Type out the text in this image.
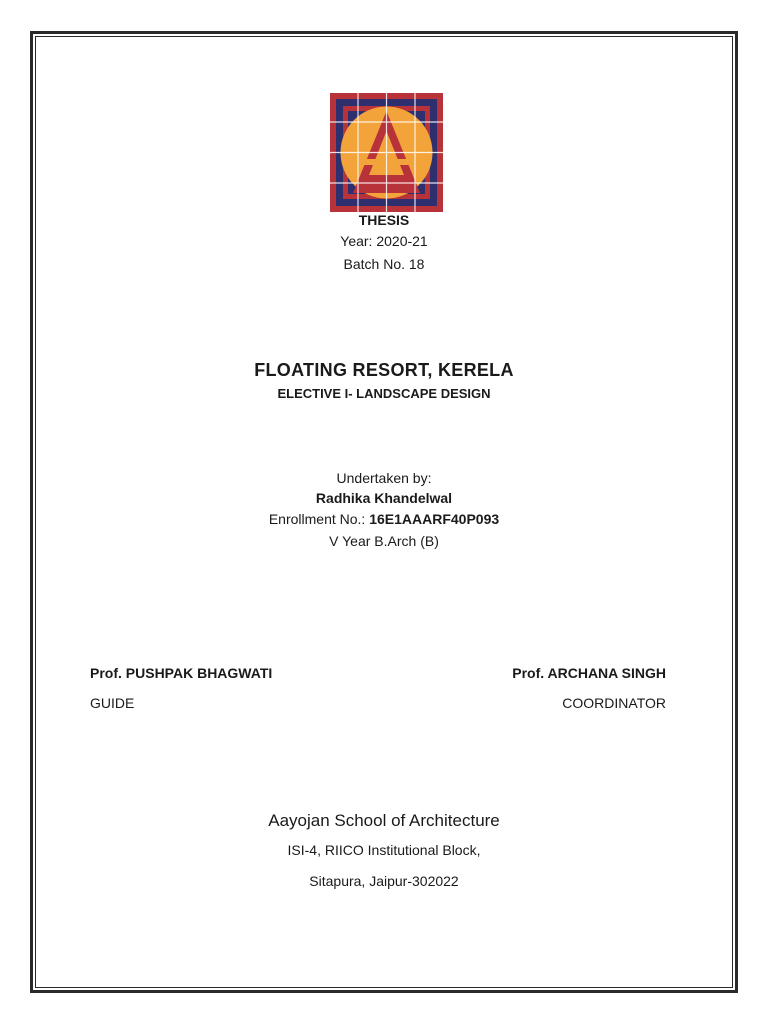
THESIS
Year: 2020-21
Batch No. 18
FLOATING RESORT, KERELA
ELECTIVE I- LANDSCAPE DESIGN
Undertaken by:
Radhika Khandelwal
Enrollment No.: 16E1AAARF40P093
V Year B.Arch (B)
Prof. PUSHPAK BHAGWATI
GUIDE
Prof. ARCHANA SINGH
COORDINATOR
Aayojan School of Architecture
ISI-4, RIICO Institutional Block,
Sitapura, Jaipur-302022
